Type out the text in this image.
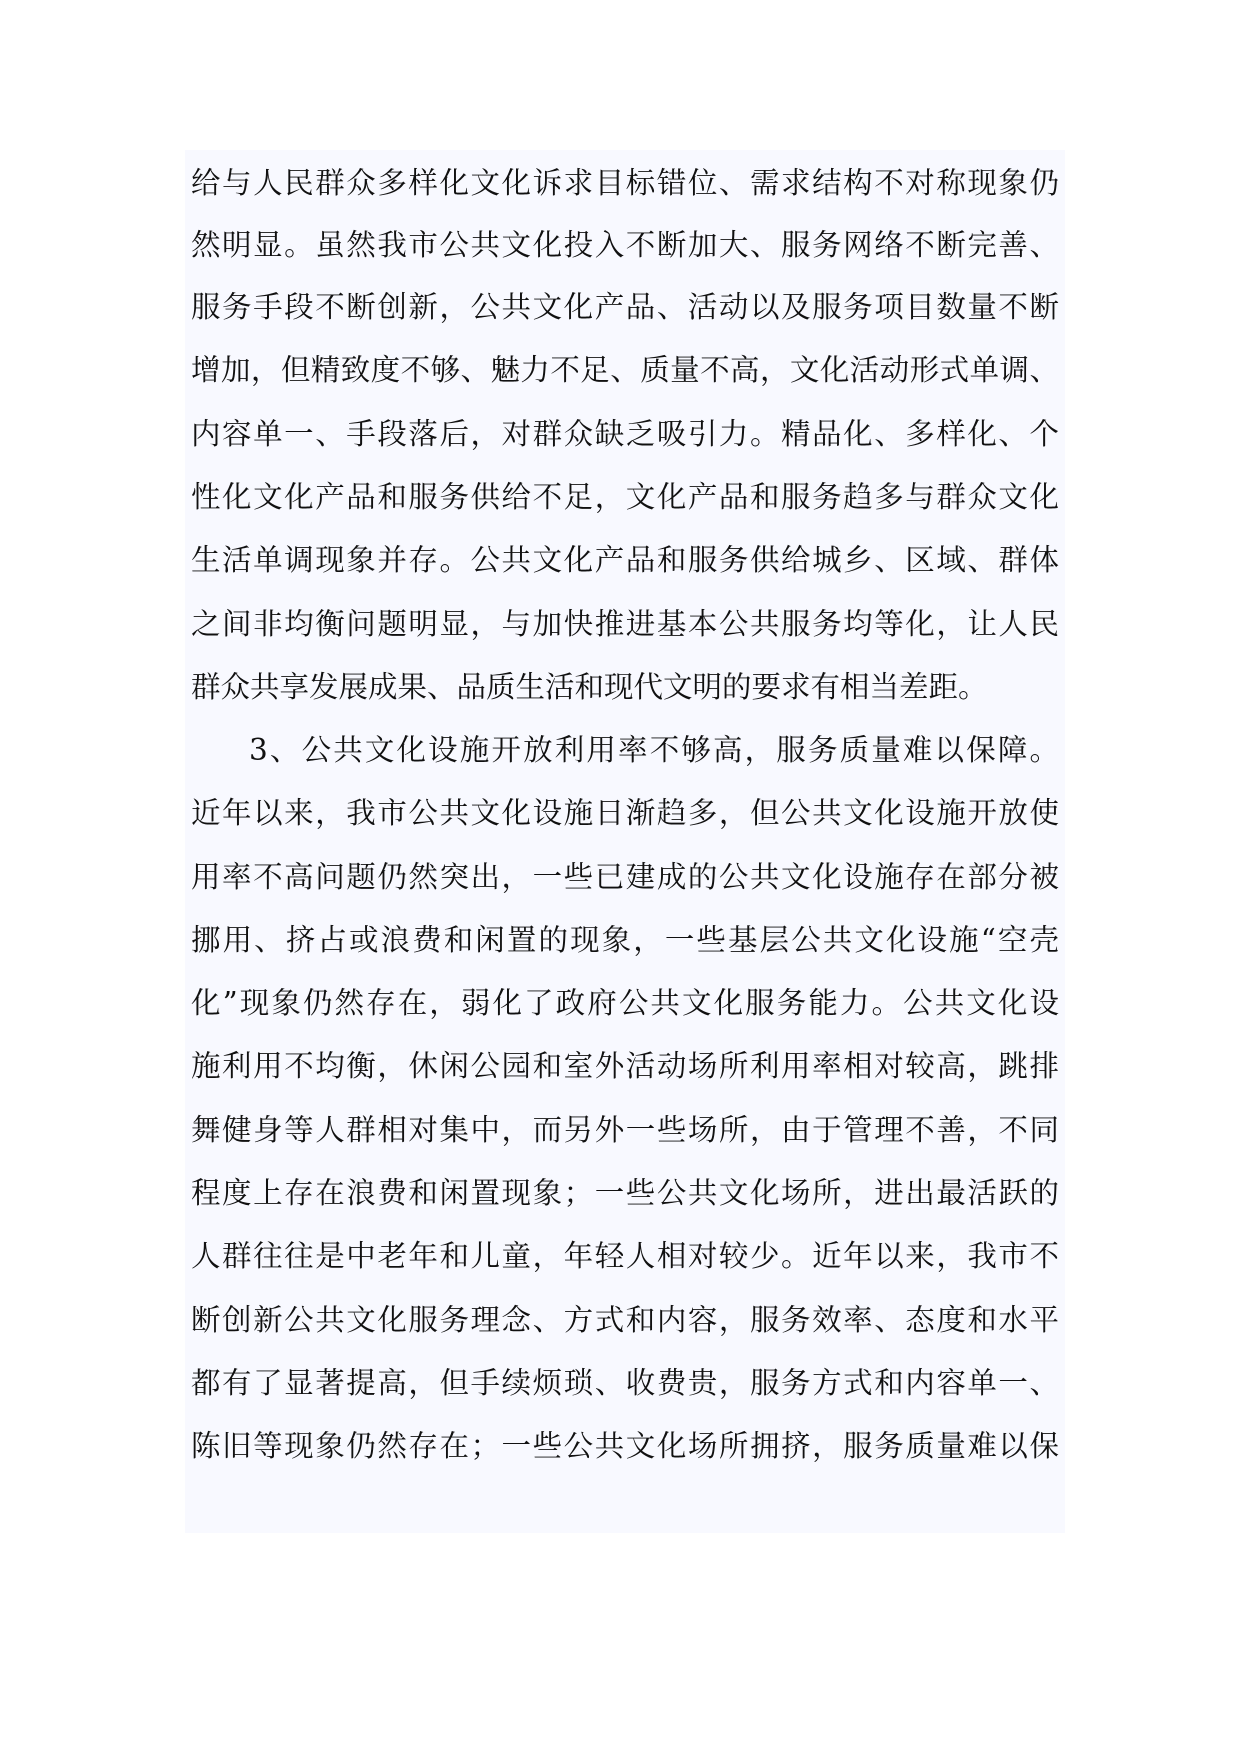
给与人民群众多样化文化诉求目标错位、需求结构不对称现象仍
然明显。虽然我市公共文化投入不断加大、服务网络不断完善、
服务手段不断创新，公共文化产品、活动以及服务项目数量不断
增加，但精致度不够、魅力不足、质量不高，文化活动形式单调、
内容单一、手段落后，对群众缺乏吸引力。精品化、多样化、个
性化文化产品和服务供给不足，文化产品和服务趋多与群众文化
生活单调现象并存。公共文化产品和服务供给城乡、区域、群体
之间非均衡问题明显，与加快推进基本公共服务均等化，让人民
群众共享发展成果、品质生活和现代文明的要求有相当差距。
3、公共文化设施开放利用率不够高，服务质量难以保障。
近年以来，我市公共文化设施日渐趋多，但公共文化设施开放使
用率不高问题仍然突出，一些已建成的公共文化设施存在部分被
挪用、挤占或浪费和闲置的现象，一些基层公共文化设施“空壳
化”现象仍然存在，弱化了政府公共文化服务能力。公共文化设
施利用不均衡，休闲公园和室外活动场所利用率相对较高，跳排
舞健身等人群相对集中，而另外一些场所，由于管理不善，不同
程度上存在浪费和闲置现象；一些公共文化场所，进出最活跃的
人群往往是中老年和儿童，年轻人相对较少。近年以来，我市不
断创新公共文化服务理念、方式和内容，服务效率、态度和水平
都有了显著提高，但手续烦琐、收费贵，服务方式和内容单一、
陈旧等现象仍然存在；一些公共文化场所拥挤，服务质量难以保
